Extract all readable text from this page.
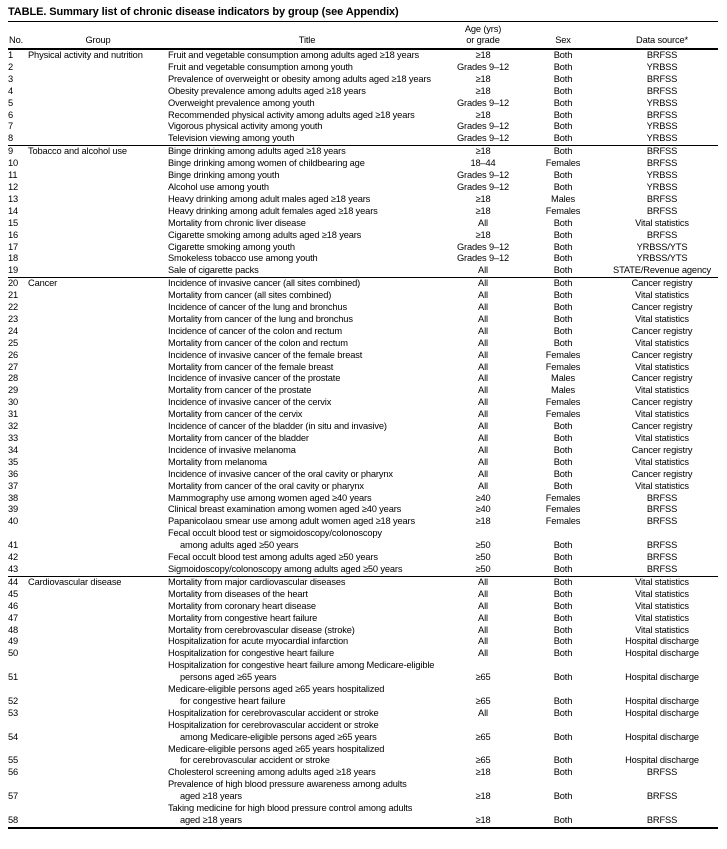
TABLE. Summary list of chronic disease indicators by group (see Appendix)
No.	Group	Title	Age (yrs)
or grade	Sex	Data source*
1	Physical activity and nutrition	Fruit and vegetable consumption among adults aged ≥18 years	≥18	Both	BRFSS
2		Fruit and vegetable consumption among youth	Grades 9–12	Both	YRBSS
3		Prevalence of overweight or obesity among adults aged ≥18 years	≥18	Both	BRFSS
4		Obesity prevalence among adults aged ≥18 years	≥18	Both	BRFSS
5		Overweight prevalence among youth	Grades 9–12	Both	YRBSS
6		Recommended physical activity among adults aged ≥18 years	≥18	Both	BRFSS
7		Vigorous physical activity among youth	Grades 9–12	Both	YRBSS
8		Television viewing among youth	Grades 9–12	Both	YRBSS
9	Tobacco and alcohol use	Binge drinking among adults aged ≥18 years	≥18	Both	BRFSS
10		Binge drinking among women of childbearing age	18–44	Females	BRFSS
11		Binge drinking among youth	Grades 9–12	Both	YRBSS
12		Alcohol use among youth	Grades 9–12	Both	YRBSS
13		Heavy drinking among adult males aged ≥18 years	≥18	Males	BRFSS
14		Heavy drinking among adult females aged ≥18 years	≥18	Females	BRFSS
15		Mortality from chronic liver disease	All	Both	Vital statistics
16		Cigarette smoking among adults aged ≥18 years	≥18	Both	BRFSS
17		Cigarette smoking among youth	Grades 9–12	Both	YRBSS/YTS
18		Smokeless tobacco use among youth	Grades 9–12	Both	YRBSS/YTS
19		Sale of cigarette packs	All	Both	STATE/Revenue agency
20	Cancer	Incidence of invasive cancer (all sites combined)	All	Both	Cancer registry
21		Mortality from cancer (all sites combined)	All	Both	Vital statistics
22		Incidence of cancer of the lung and bronchus	All	Both	Cancer registry
23		Mortality from cancer of the lung and bronchus	All	Both	Vital statistics
24		Incidence of cancer of the colon and rectum	All	Both	Cancer registry
25		Mortality from cancer of the colon and rectum	All	Both	Vital statistics
26		Incidence of invasive cancer of the female breast	All	Females	Cancer registry
27		Mortality from cancer of the female breast	All	Females	Vital statistics
28		Incidence of invasive cancer of the prostate	All	Males	Cancer registry
29		Mortality from cancer of the prostate	All	Males	Vital statistics
30		Incidence of invasive cancer of the cervix	All	Females	Cancer registry
31		Mortality from cancer of the cervix	All	Females	Vital statistics
32		Incidence of cancer of the bladder (in situ and invasive)	All	Both	Cancer registry
33		Mortality from cancer of the bladder	All	Both	Vital statistics
34		Incidence of invasive melanoma	All	Both	Cancer registry
35		Mortality from melanoma	All	Both	Vital statistics
36		Incidence of invasive cancer of the oral cavity or pharynx	All	Both	Cancer registry
37		Mortality from cancer of the oral cavity or pharynx	All	Both	Vital statistics
38		Mammography use among women aged ≥40 years	≥40	Females	BRFSS
39		Clinical breast examination among women aged ≥40 years	≥40	Females	BRFSS
40		Papanicolaou smear use among adult women aged ≥18 years	≥18	Females	BRFSS
41		Fecal occult blood test or sigmoidoscopy/colonoscopy
among adults aged ≥50 years	≥50	Both	BRFSS
42		Fecal occult blood test among adults aged ≥50 years	≥50	Both	BRFSS
43		Sigmoidoscopy/colonoscopy among adults aged ≥50 years	≥50	Both	BRFSS
44	Cardiovascular disease	Mortality from major cardiovascular diseases	All	Both	Vital statistics
45		Mortality from diseases of the heart	All	Both	Vital statistics
46		Mortality from coronary heart disease	All	Both	Vital statistics
47		Mortality from congestive heart failure	All	Both	Vital statistics
48		Mortality from cerebrovascular disease (stroke)	All	Both	Vital statistics
49		Hospitalization for acute myocardial infarction	All	Both	Hospital discharge
50		Hospitalization for congestive heart failure	All	Both	Hospital discharge
51		Hospitalization for congestive heart failure among Medicare-eligible
persons aged ≥65 years	≥65	Both	Hospital discharge
52		Medicare-eligible persons aged ≥65 years hospitalized
for congestive heart failure	≥65	Both	Hospital discharge
53		Hospitalization for cerebrovascular accident or stroke	All	Both	Hospital discharge
54		Hospitalization for cerebrovascular accident or stroke
among Medicare-eligible persons aged ≥65 years	≥65	Both	Hospital discharge
55		Medicare-eligible persons aged ≥65 years hospitalized
for cerebrovascular accident or stroke	≥65	Both	Hospital discharge
56		Cholesterol screening among adults aged ≥18 years	≥18	Both	BRFSS
57		Prevalence of high blood pressure awareness among adults
aged ≥18 years	≥18	Both	BRFSS
58		Taking medicine for high blood pressure control among adults
aged ≥18 years	≥18	Both	BRFSS
